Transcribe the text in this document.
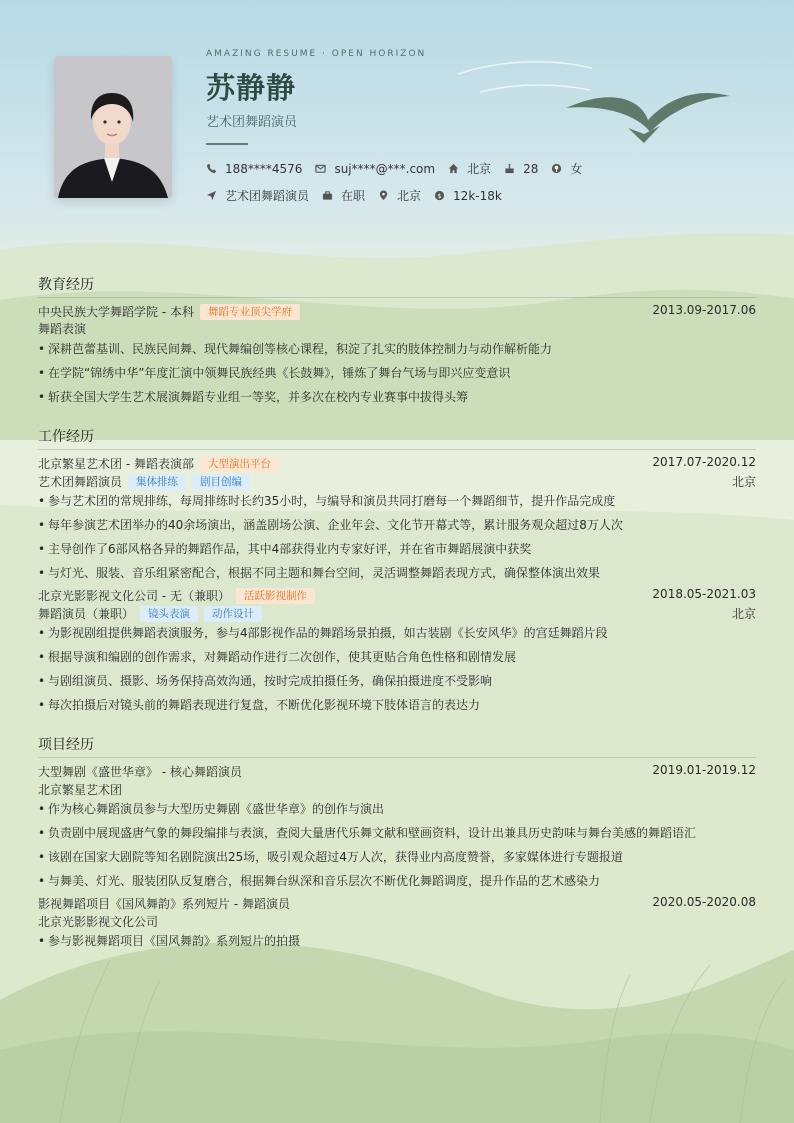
AMAZING RESUME · OPEN HORIZON
苏静静
艺术团舞蹈演员
188****4576	suj****@***.com	北京	28	女
艺术团舞蹈演员	在职	北京 $ 12k-18k
教育经历
中央民族大学舞蹈学院 - 本科	舞蹈专业顶尖学府	2013.09-2017.06
舞蹈表演
• 深耕芭蕾基训、民族民间舞、现代舞编创等核心课程，积淀了扎实的肢体控制力与动作解析能力
• 在学院“锦绣中华”年度汇演中领舞民族经典《长鼓舞》，锤炼了舞台气场与即兴应变意识
• 斩获全国大学生艺术展演舞蹈专业组一等奖，并多次在校内专业赛事中拔得头筹
工作经历
北京繁星艺术团 - 舞蹈表演部	大型演出平台	2017.07-2020.12
艺术团舞蹈演员	集体排练	剧目创编	北京
• 参与艺术团的常规排练，每周排练时长约35小时，与编导和演员共同打磨每一个舞蹈细节，提升作品完成度
• 每年参演艺术团举办的40余场演出，涵盖剧场公演、企业年会、文化节开幕式等，累计服务观众超过8万人次
• 主导创作了6部风格各异的舞蹈作品，其中4部获得业内专家好评，并在省市舞蹈展演中获奖
• 与灯光、服装、音乐组紧密配合，根据不同主题和舞台空间，灵活调整舞蹈表现方式，确保整体演出效果
北京光影影视文化公司 - 无（兼职）	活跃影视制作	2018.05-2021.03
舞蹈演员（兼职）	镜头表演	动作设计	北京
• 为影视剧组提供舞蹈表演服务，参与4部影视作品的舞蹈场景拍摄，如古装剧《长安风华》的宫廷舞蹈片段
• 根据导演和编剧的创作需求，对舞蹈动作进行二次创作，使其更贴合角色性格和剧情发展
• 与剧组演员、摄影、场务保持高效沟通，按时完成拍摄任务，确保拍摄进度不受影响
• 每次拍摄后对镜头前的舞蹈表现进行复盘，不断优化影视环境下肢体语言的表达力
项目经历
大型舞剧《盛世华章》 - 核心舞蹈演员	2019.01-2019.12
北京繁星艺术团
• 作为核心舞蹈演员参与大型历史舞剧《盛世华章》的创作与演出
• 负责剧中展现盛唐气象的舞段编排与表演，查阅大量唐代乐舞文献和壁画资料，设计出兼具历史韵味与舞台美感的舞蹈语汇
• 该剧在国家大剧院等知名剧院演出25场，吸引观众超过4万人次，获得业内高度赞誉，多家媒体进行专题报道
• 与舞美、灯光、服装团队反复磨合，根据舞台纵深和音乐层次不断优化舞蹈调度，提升作品的艺术感染力
影视舞蹈项目《国风舞韵》系列短片 - 舞蹈演员	2020.05-2020.08
北京光影影视文化公司
• 参与影视舞蹈项目《国风舞韵》系列短片的拍摄
